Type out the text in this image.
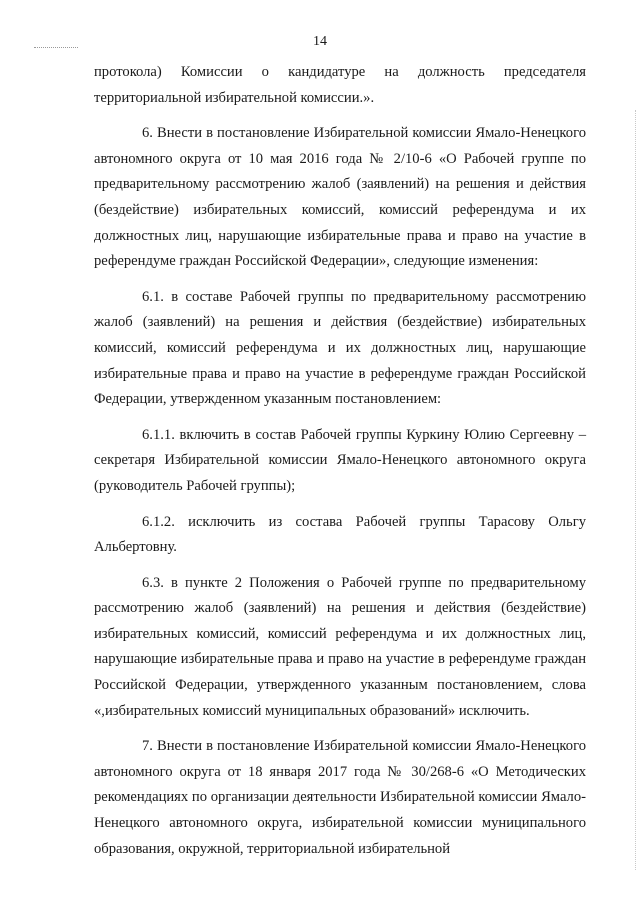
14

протокола) Комиссии о кандидатуре на должность председателя территориальной избирательной комиссии.».

6. Внести в постановление Избирательной комиссии Ямало-Ненецкого автономного округа от 10 мая 2016 года № 2/10-6 «О Рабочей группе по предварительному рассмотрению жалоб (заявлений) на решения и действия (бездействие) избирательных комиссий, комиссий референдума и их должностных лиц, нарушающие избирательные права и право на участие в референдуме граждан Российской Федерации», следующие изменения:

6.1. в составе Рабочей группы по предварительному рассмотрению жалоб (заявлений) на решения и действия (бездействие) избирательных комиссий, комиссий референдума и их должностных лиц, нарушающие избирательные права и право на участие в референдуме граждан Российской Федерации, утвержденном указанным постановлением:

6.1.1. включить в состав Рабочей группы Куркину Юлию Сергеевну – секретаря Избирательной комиссии Ямало-Ненецкого автономного округа (руководитель Рабочей группы);

6.1.2. исключить из состава Рабочей группы Тарасову Ольгу Альбертовну.

6.3. в пункте 2 Положения о Рабочей группе по предварительному рассмотрению жалоб (заявлений) на решения и действия (бездействие) избирательных комиссий, комиссий референдума и их должностных лиц, нарушающие избирательные права и право на участие в референдуме граждан Российской Федерации, утвержденного указанным постановлением, слова «,избирательных комиссий муниципальных образований» исключить.

7. Внести в постановление Избирательной комиссии Ямало-Ненецкого автономного округа от 18 января 2017 года № 30/268-6 «О Методических рекомендациях по организации деятельности Избирательной комиссии Ямало-Ненецкого автономного округа, избирательной комиссии муниципального образования, окружной, территориальной избирательной
